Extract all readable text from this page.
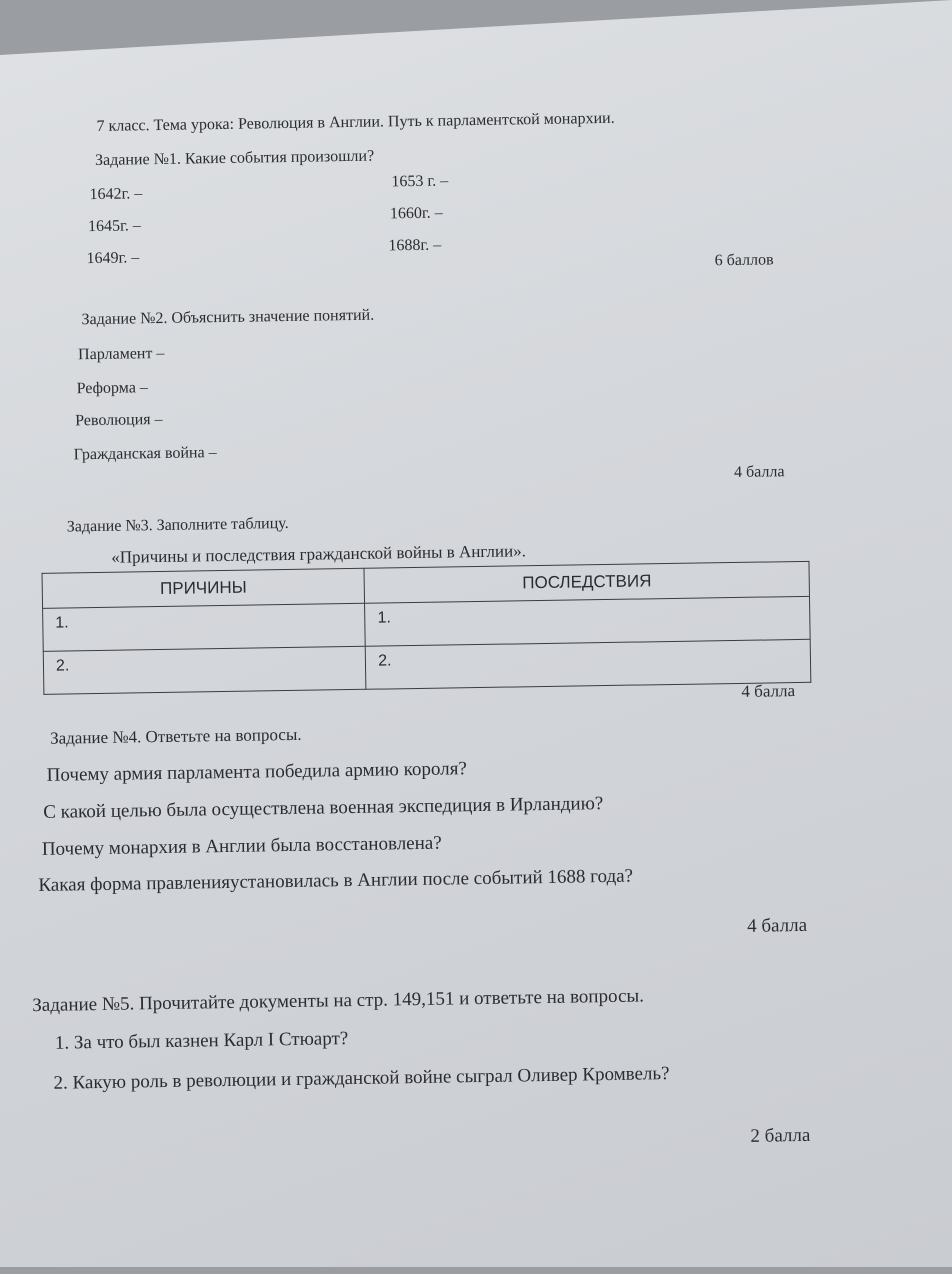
7 класс. Тема урока: Революция в Англии. Путь к парламентской монархии.
Задание №1. Какие события произошли?
1642г. –
1645г. –
1649г. –
1653 г. –
1660г. –
1688г. –
6 баллов
Задание №2. Объяснить значение понятий.
Парламент –
Реформа –
Революция –
Гражданская война –
4 балла
Задание №3. Заполните таблицу.
«Причины и последствия гражданской войны в Англии».
ПРИЧИНЫ	ПОСЛЕДСТВИЯ
1.	1.
2.	2.
4 балла
Задание №4. Ответьте на вопросы.
Почему армия парламента победила армию короля?
С какой целью была осуществлена военная экспедиция в Ирландию?
Почему монархия в Англии была восстановлена?
Какая форма правленияустановилась в Англии после событий 1688 года?
4 балла
Задание №5. Прочитайте документы на стр. 149,151 и ответьте на вопросы.
1. За что был казнен Карл I Стюарт?
2. Какую роль в революции и гражданской войне сыграл Оливер Кромвель?
2 балла
